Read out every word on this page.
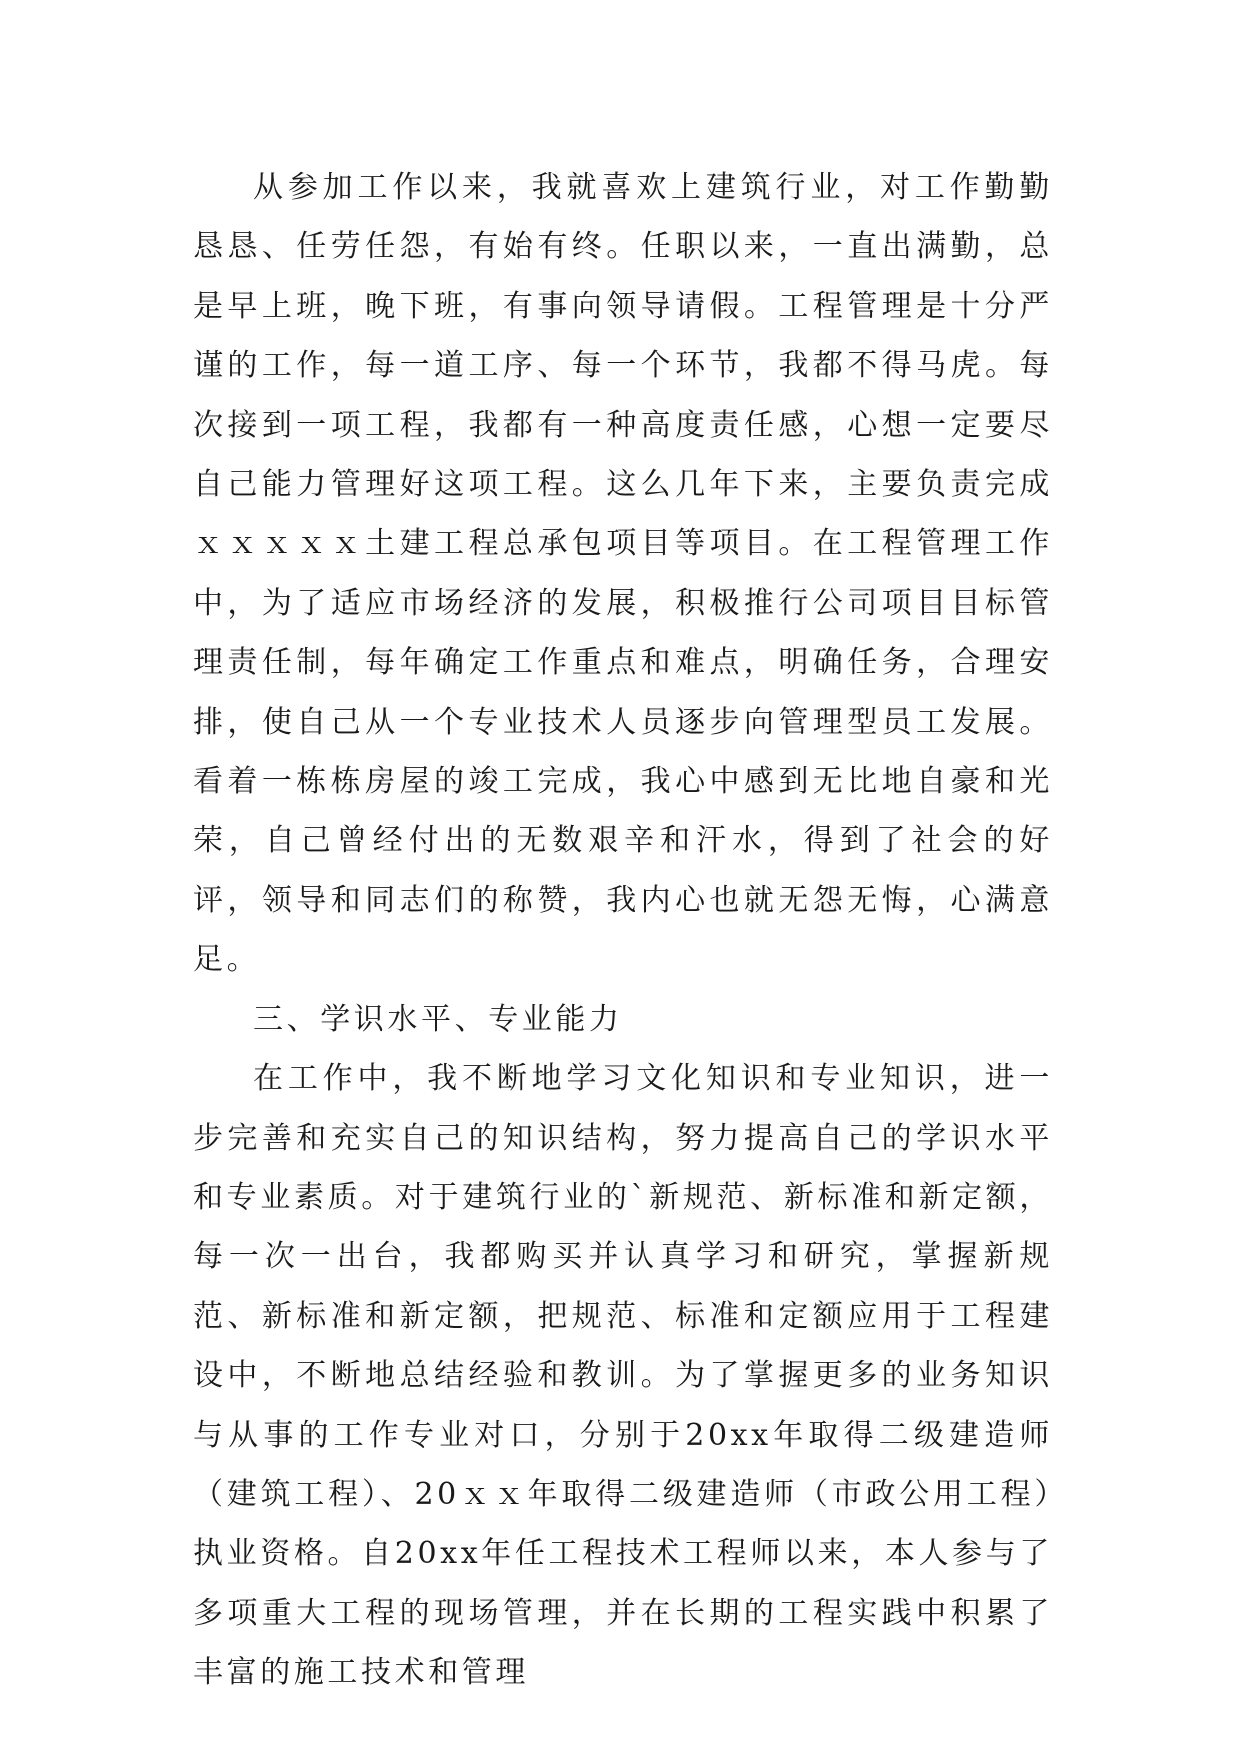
从参加工作以来，我就喜欢上建筑行业，对工作勤勤恳恳、任劳任怨，有始有终。任职以来，一直出满勤，总是早上班，晚下班，有事向领导请假。工程管理是十分严谨的工作，每一道工序、每一个环节，我都不得马虎。每次接到一项工程，我都有一种高度责任感，心想一定要尽自己能力管理好这项工程。这么几年下来，主要负责完成ｘｘｘｘｘ土建工程总承包项目等项目。在工程管理工作中，为了适应市场经济的发展，积极推行公司项目目标管理责任制，每年确定工作重点和难点，明确任务，合理安排，使自己从一个专业技术人员逐步向管理型员工发展。看着一栋栋房屋的竣工完成，我心中感到无比地自豪和光荣，自己曾经付出的无数艰辛和汗水，得到了社会的好评，领导和同志们的称赞，我内心也就无怨无悔，心满意足。

三、学识水平、专业能力

在工作中，我不断地学习文化知识和专业知识，进一步完善和充实自己的知识结构，努力提高自己的学识水平和专业素质。对于建筑行业的`新规范、新标准和新定额，每一次一出台，我都购买并认真学习和研究，掌握新规范、新标准和新定额，把规范、标准和定额应用于工程建设中，不断地总结经验和教训。为了掌握更多的业务知识与从事的工作专业对口，分别于20xx年取得二级建造师（建筑工程）、20ｘｘ年取得二级建造师（市政公用工程）执业资格。自20xx年任工程技术工程师以来，本人参与了多项重大工程的现场管理，并在长期的工程实践中积累了丰富的施工技术和管理
